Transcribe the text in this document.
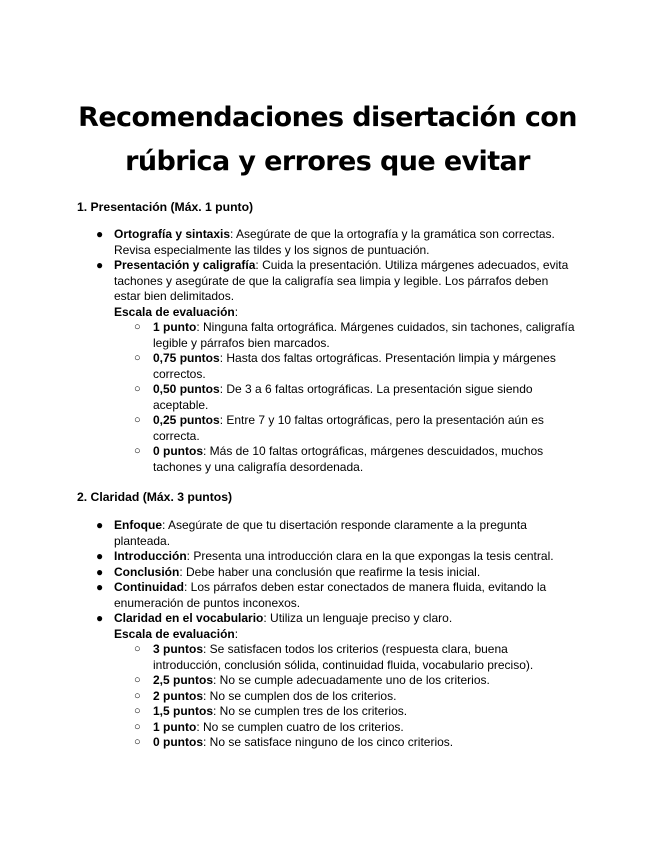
Recomendaciones disertación con
rúbrica y errores que evitar
1. Presentación (Máx. 1 punto)
● Ortografía y sintaxis: Asegúrate de que la ortografía y la gramática son correctas. Revisa especialmente las tildes y los signos de puntuación.
● Presentación y caligrafía: Cuida la presentación. Utiliza márgenes adecuados, evita tachones y asegúrate de que la caligrafía sea limpia y legible. Los párrafos deben estar bien delimitados.
Escala de evaluación:
○ 1 punto: Ninguna falta ortográfica. Márgenes cuidados, sin tachones, caligrafía legible y párrafos bien marcados.
○ 0,75 puntos: Hasta dos faltas ortográficas. Presentación limpia y márgenes correctos.
○ 0,50 puntos: De 3 a 6 faltas ortográficas. La presentación sigue siendo aceptable.
○ 0,25 puntos: Entre 7 y 10 faltas ortográficas, pero la presentación aún es correcta.
○ 0 puntos: Más de 10 faltas ortográficas, márgenes descuidados, muchos tachones y una caligrafía desordenada.
2. Claridad (Máx. 3 puntos)
● Enfoque: Asegúrate de que tu disertación responde claramente a la pregunta planteada.
● Introducción: Presenta una introducción clara en la que expongas la tesis central.
● Conclusión: Debe haber una conclusión que reafirme la tesis inicial.
● Continuidad: Los párrafos deben estar conectados de manera fluida, evitando la enumeración de puntos inconexos.
● Claridad en el vocabulario: Utiliza un lenguaje preciso y claro.
Escala de evaluación:
○ 3 puntos: Se satisfacen todos los criterios (respuesta clara, buena introducción, conclusión sólida, continuidad fluida, vocabulario preciso).
○ 2,5 puntos: No se cumple adecuadamente uno de los criterios.
○ 2 puntos: No se cumplen dos de los criterios.
○ 1,5 puntos: No se cumplen tres de los criterios.
○ 1 punto: No se cumplen cuatro de los criterios.
○ 0 puntos: No se satisface ninguno de los cinco criterios.
